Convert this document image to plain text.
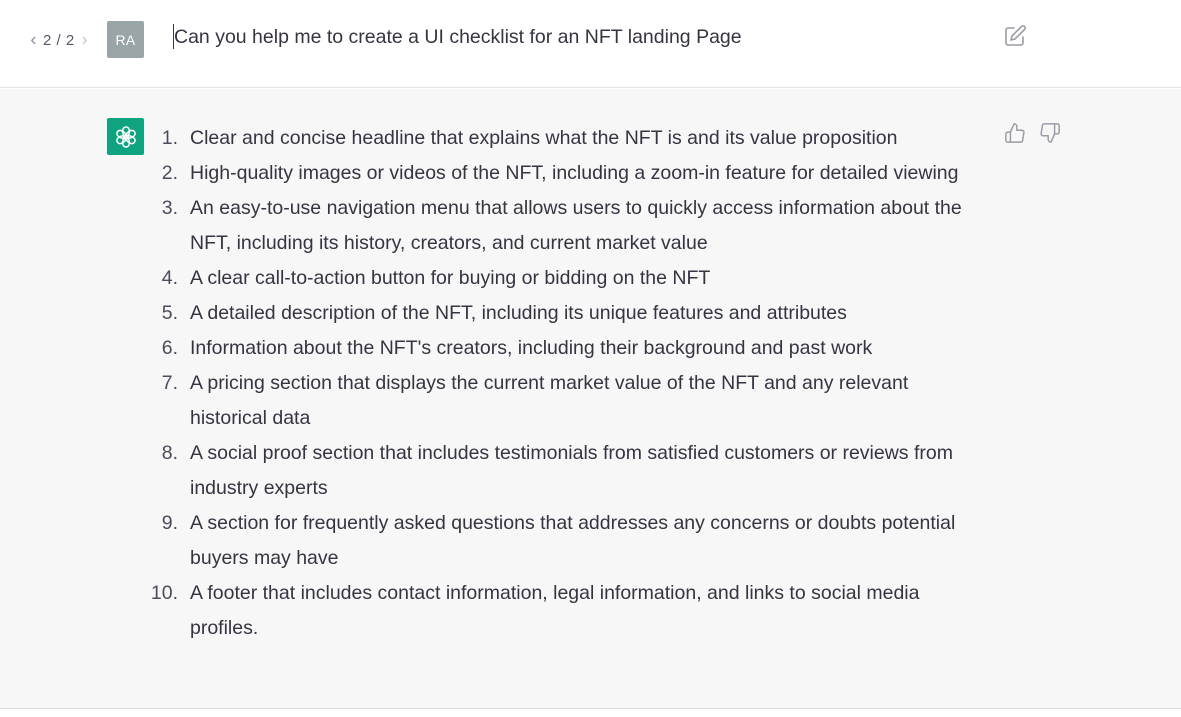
2 / 2	RA	Can you help me to create a UI checklist for an NFT landing Page
1. Clear and concise headline that explains what the NFT is and its value proposition
2. High-quality images or videos of the NFT, including a zoom-in feature for detailed viewing
3. An easy-to-use navigation menu that allows users to quickly access information about the NFT, including its history, creators, and current market value
4. A clear call-to-action button for buying or bidding on the NFT
5. A detailed description of the NFT, including its unique features and attributes
6. Information about the NFT's creators, including their background and past work
7. A pricing section that displays the current market value of the NFT and any relevant historical data
8. A social proof section that includes testimonials from satisfied customers or reviews from industry experts
9. A section for frequently asked questions that addresses any concerns or doubts potential buyers may have
10. A footer that includes contact information, legal information, and links to social media profiles.
